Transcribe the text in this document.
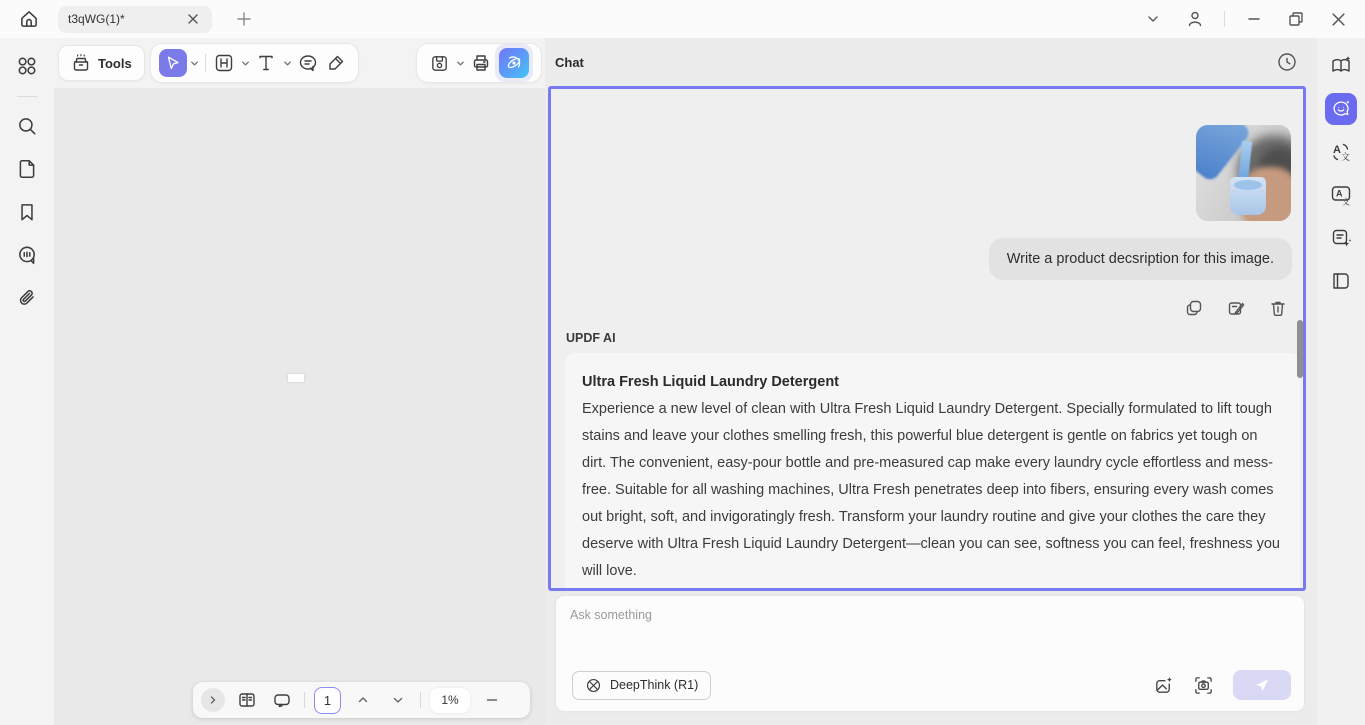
t3qWG(1)*
Tools
1	1%
Chat
Write a product decsription for this image.
UPDF AI
Ultra Fresh Liquid Laundry Detergent
Experience a new level of clean with Ultra Fresh Liquid Laundry Detergent. Specially formulated to lift tough stains and leave your clothes smelling fresh, this powerful blue detergent is gentle on fabrics yet tough on dirt. The convenient, easy-pour bottle and pre-measured cap make every laundry cycle effortless and mess-free. Suitable for all washing machines, Ultra Fresh penetrates deep into fibers, ensuring every wash comes out bright, soft, and invigoratingly fresh. Transform your laundry routine and give your clothes the care they deserve with Ultra Fresh Liquid Laundry Detergent—clean you can see, softness you can feel, freshness you will love.
Ask something
DeepThink (R1)
A
文
A
文
